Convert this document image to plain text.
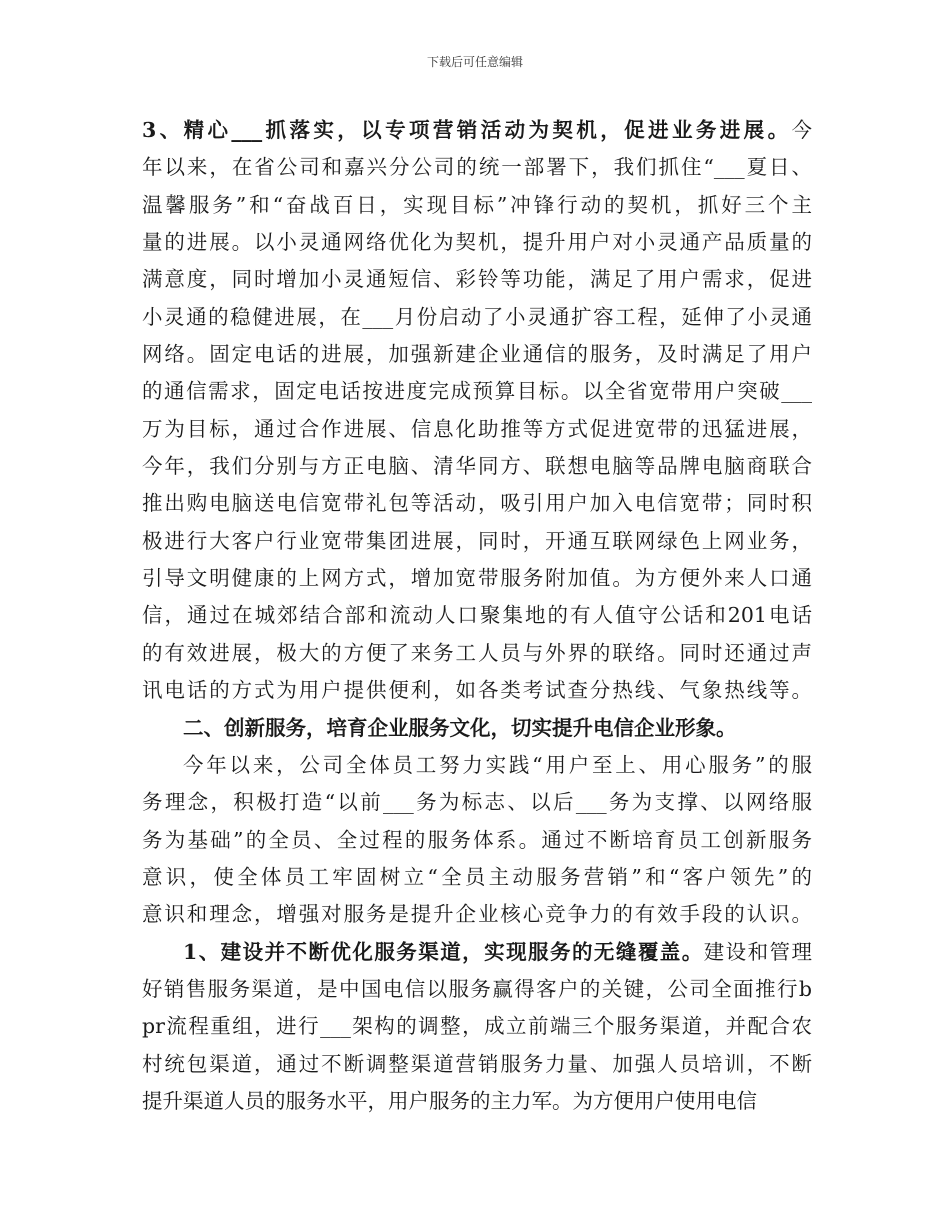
下载后可任意编辑
3、精心___抓落实，以专项营销活动为契机，促进业务进展。今
年以来，在省公司和嘉兴分公司的统一部署下，我们抓住“___夏日、
温馨服务”和“奋战百日，实现目标”冲锋行动的契机，抓好三个主
量的进展。以小灵通网络优化为契机，提升用户对小灵通产品质量的
满意度，同时增加小灵通短信、彩铃等功能，满足了用户需求，促进
小灵通的稳健进展，在___月份启动了小灵通扩容工程，延伸了小灵通
网络。固定电话的进展，加强新建企业通信的服务，及时满足了用户
的通信需求，固定电话按进度完成预算目标。以全省宽带用户突破___
万为目标，通过合作进展、信息化助推等方式促进宽带的迅猛进展，
今年，我们分别与方正电脑、清华同方、联想电脑等品牌电脑商联合
推出购电脑送电信宽带礼包等活动，吸引用户加入电信宽带；同时积
极进行大客户行业宽带集团进展，同时，开通互联网绿色上网业务，
引导文明健康的上网方式，增加宽带服务附加值。为方便外来人口通
信，通过在城郊结合部和流动人口聚集地的有人值守公话和201电话
的有效进展，极大的方便了来务工人员与外界的联络。同时还通过声
讯电话的方式为用户提供便利，如各类考试查分热线、气象热线等。
二、创新服务，培育企业服务文化，切实提升电信企业形象。
今年以来，公司全体员工努力实践“用户至上、用心服务”的服
务理念，积极打造“以前___务为标志、以后___务为支撑、以网络服
务为基础”的全员、全过程的服务体系。通过不断培育员工创新服务
意识，使全体员工牢固树立“全员主动服务营销”和“客户领先”的
意识和理念，增强对服务是提升企业核心竞争力的有效手段的认识。
1、建设并不断优化服务渠道，实现服务的无缝覆盖。建设和管理
好销售服务渠道，是中国电信以服务赢得客户的关键，公司全面推行b
pr流程重组，进行___架构的调整，成立前端三个服务渠道，并配合农
村统包渠道，通过不断调整渠道营销服务力量、加强人员培训，不断
提升渠道人员的服务水平，用户服务的主力军。为方便用户使用电信
